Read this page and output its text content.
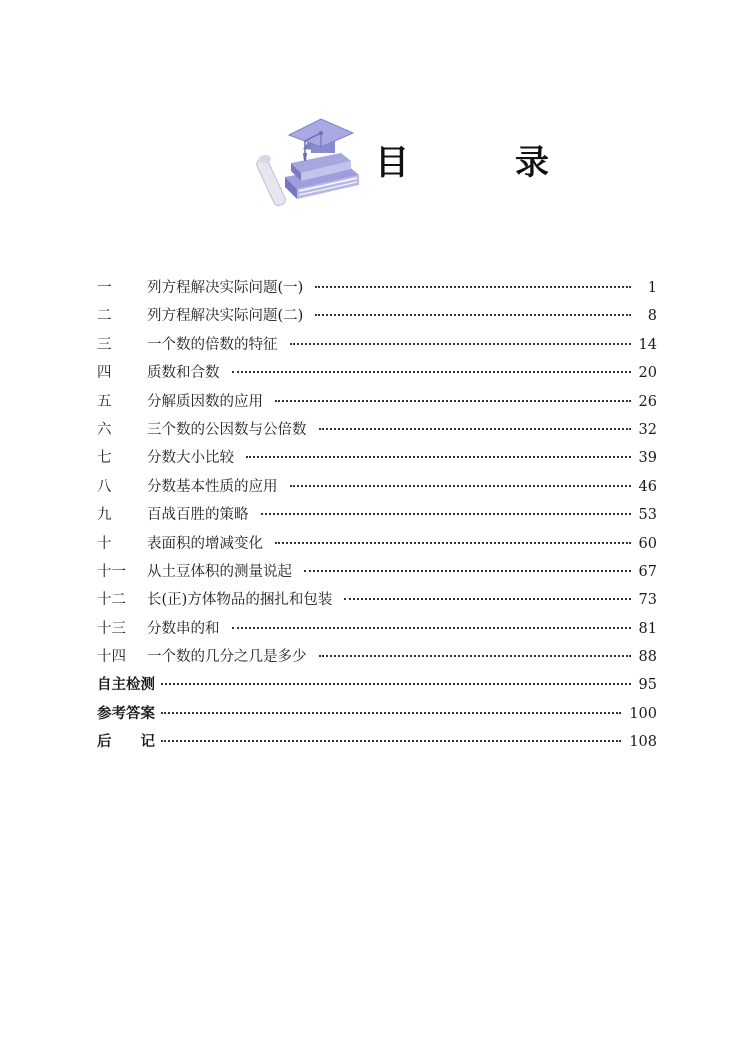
目　录
一	列方程解决实际问题(一)	1
二	列方程解决实际问题(二)	8
三	一个数的倍数的特征	14
四	质数和合数	20
五	分解质因数的应用	26
六	三个数的公因数与公倍数	32
七	分数大小比较	39
八	分数基本性质的应用	46
九	百战百胜的策略	53
十	表面积的增减变化	60
十一	从土豆体积的测量说起	67
十二	长(正)方体物品的捆扎和包装	73
十三	分数串的和	81
十四	一个数的几分之几是多少	88
自主检测	95
参考答案	100
后　　记	108
